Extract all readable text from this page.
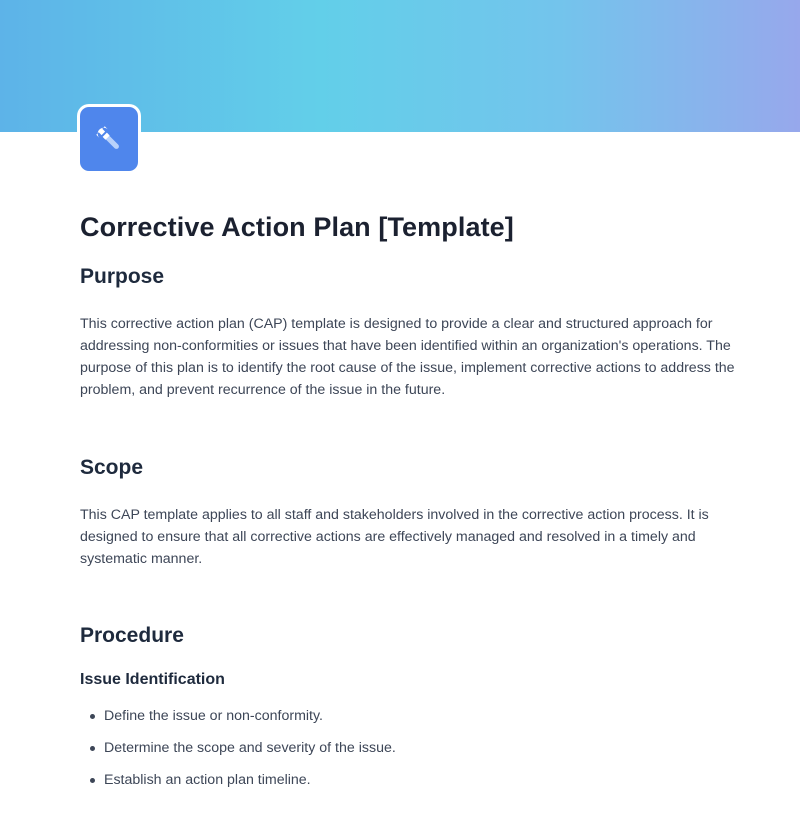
Corrective Action Plan [Template]
Purpose

This corrective action plan (CAP) template is designed to provide a clear and structured approach for addressing non-conformities or issues that have been identified within an organization's operations. The purpose of this plan is to identify the root cause of the issue, implement corrective actions to address the problem, and prevent recurrence of the issue in the future.

Scope

This CAP template applies to all staff and stakeholders involved in the corrective action process. It is designed to ensure that all corrective actions are effectively managed and resolved in a timely and systematic manner.

Procedure
Issue Identification
Define the issue or non-conformity.
Determine the scope and severity of the issue.
Establish an action plan timeline.
